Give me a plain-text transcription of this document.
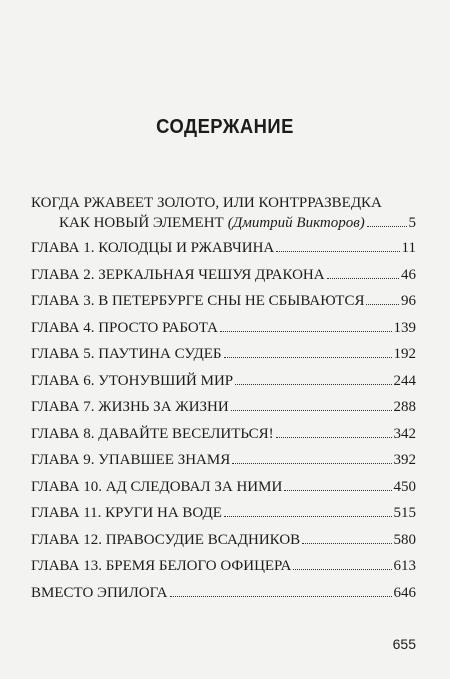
СОДЕРЖАНИЕ
КОГДА РЖАВЕЕТ ЗОЛОТО, ИЛИ КОНТРРАЗВЕДКА
КАК НОВЫЙ ЭЛЕМЕНТ (Дмитрий Викторов)	5
ГЛАВА 1. КОЛОДЦЫ И РЖАВЧИНА	11
ГЛАВА 2. ЗЕРКАЛЬНАЯ ЧЕШУЯ ДРАКОНА	46
ГЛАВА 3. В ПЕТЕРБУРГЕ СНЫ НЕ СБЫВАЮТСЯ 96
ГЛАВА 4. ПРОСТО РАБОТА	139
ГЛАВА 5. ПАУТИНА СУДЕБ	192
ГЛАВА 6. УТОНУВШИЙ МИР	244
ГЛАВА 7. ЖИЗНЬ ЗА ЖИЗНИ	288
ГЛАВА 8. ДАВАЙТЕ ВЕСЕЛИТЬСЯ!	342
ГЛАВА 9. УПАВШЕЕ ЗНАМЯ	392
ГЛАВА 10. АД СЛЕДОВАЛ ЗА НИМИ	450
ГЛАВА 11. КРУГИ НА ВОДЕ	515
ГЛАВА 12. ПРАВОСУДИЕ ВСАДНИКОВ	580
ГЛАВА 13. БРЕМЯ БЕЛОГО ОФИЦЕРА	613
ВМЕСТО ЭПИЛОГА	646
655
